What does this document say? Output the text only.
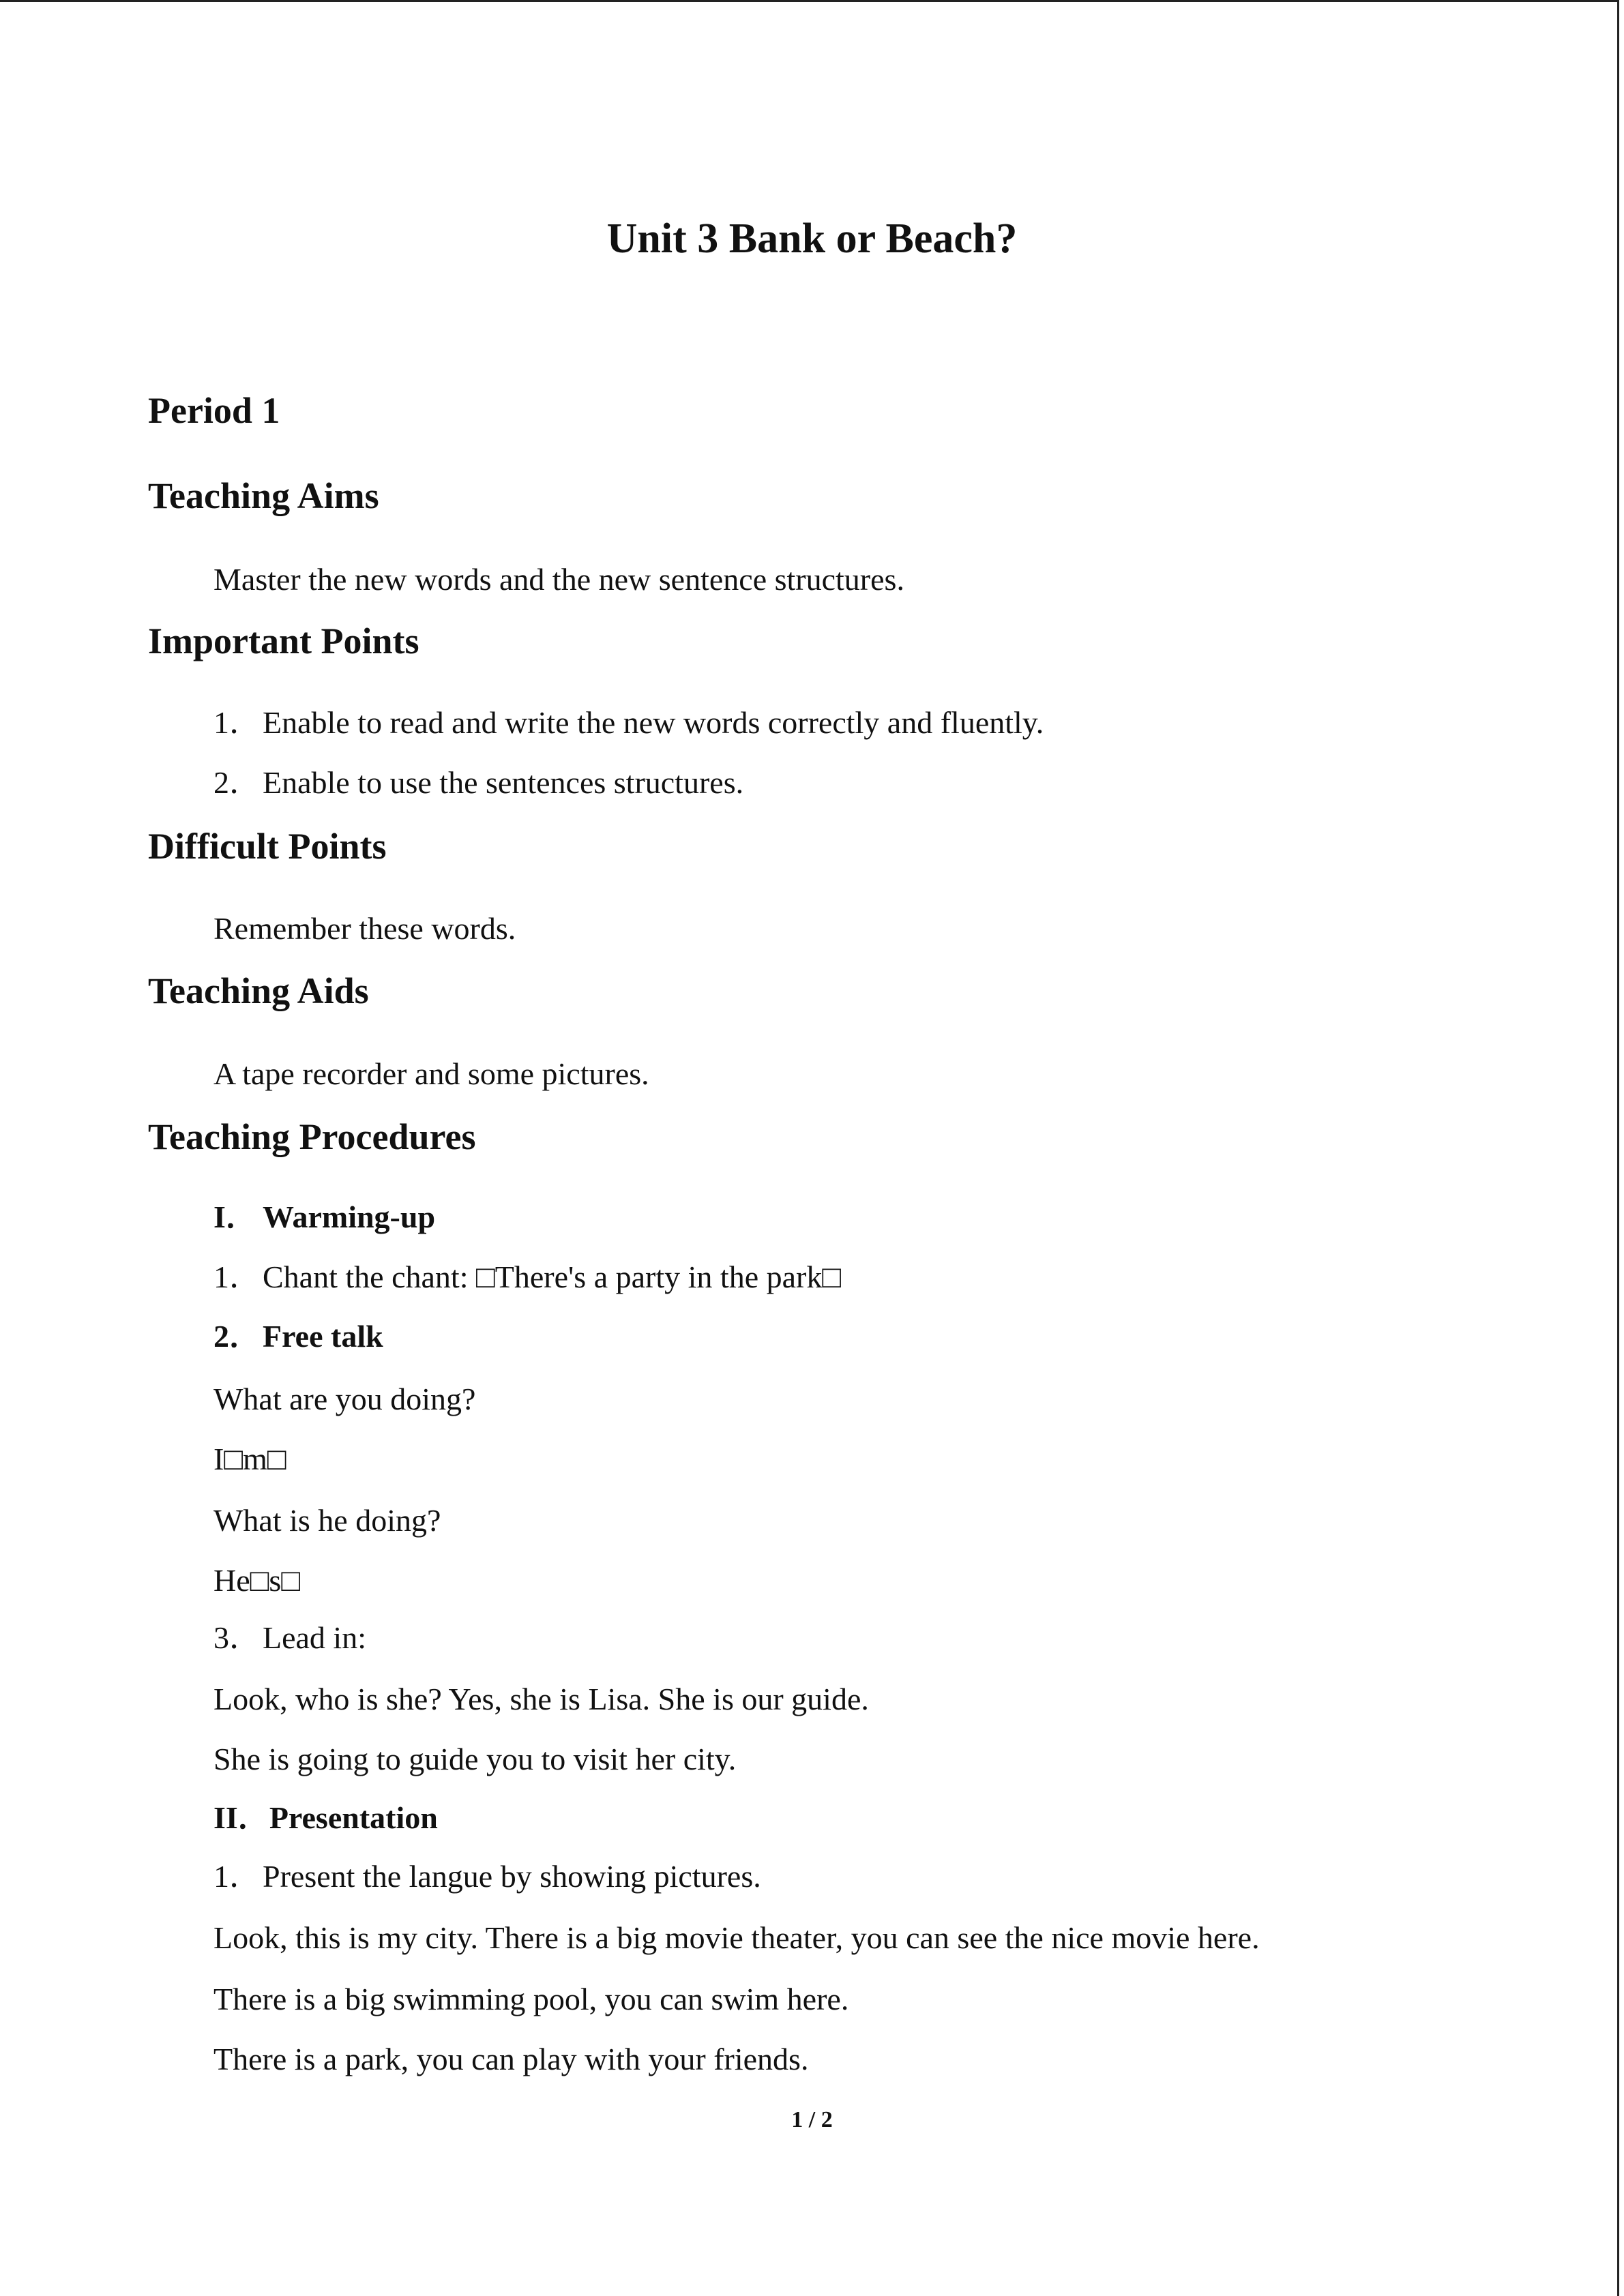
Unit 3 Bank or Beach?
Period 1
Teaching Aims
Master the new words and the new sentence structures.
Important Points
1．Enable to read and write the new words correctly and fluently.
2．Enable to use the sentences structures.
Difficult Points
Remember these words.
Teaching Aids
A tape recorder and some pictures.
Teaching Procedures
I． Warming-up
1．Chant the chant: □There's a party in the park□
2．Free talk
What are you doing?
I□m□
What is he doing?
He□s□
3．Lead in:
Look, who is she? Yes, she is Lisa. She is our guide.
She is going to guide you to visit her city.
II．Presentation
1．Present the langue by showing pictures.
Look, this is my city. There is a big movie theater, you can see the nice movie here.
There is a big swimming pool, you can swim here.
There is a park, you can play with your friends.
1 / 2
